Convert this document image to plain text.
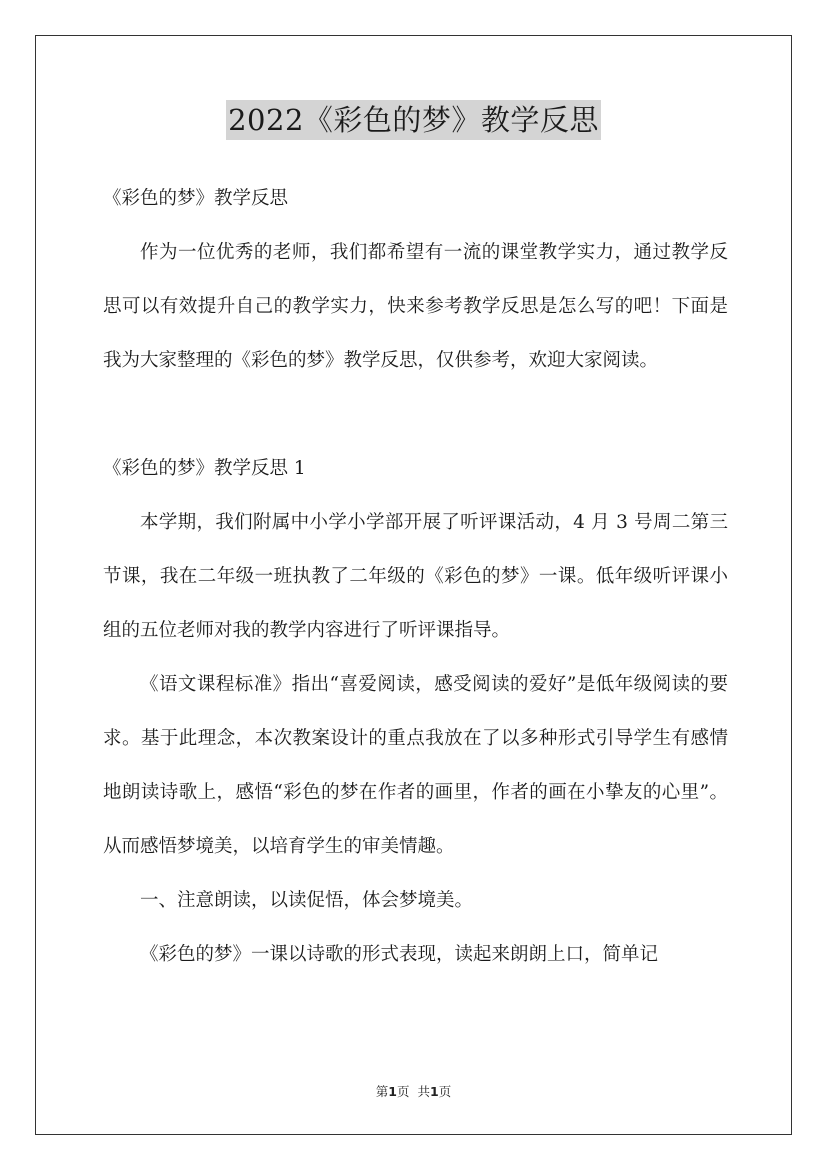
2022《彩色的梦》教学反思

《彩色的梦》教学反思

作为一位优秀的老师，我们都希望有一流的课堂教学实力，通过教学反思可以有效提升自己的教学实力，快来参考教学反思是怎么写的吧！下面是我为大家整理的《彩色的梦》教学反思，仅供参考，欢迎大家阅读。

《彩色的梦》教学反思 1

本学期，我们附属中小学小学部开展了听评课活动，4 月 3 号周二第三节课，我在二年级一班执教了二年级的《彩色的梦》一课。低年级听评课小组的五位老师对我的教学内容进行了听评课指导。

《语文课程标准》指出“喜爱阅读，感受阅读的爱好”是低年级阅读的要求。基于此理念，本次教案设计的重点我放在了以多种形式引导学生有感情地朗读诗歌上，感悟“彩色的梦在作者的画里，作者的画在小挚友的心里”。从而感悟梦境美，以培育学生的审美情趣。

一、注意朗读，以读促悟，体会梦境美。

《彩色的梦》一课以诗歌的形式表现，读起来朗朗上口，简单记

第1页 共1页
